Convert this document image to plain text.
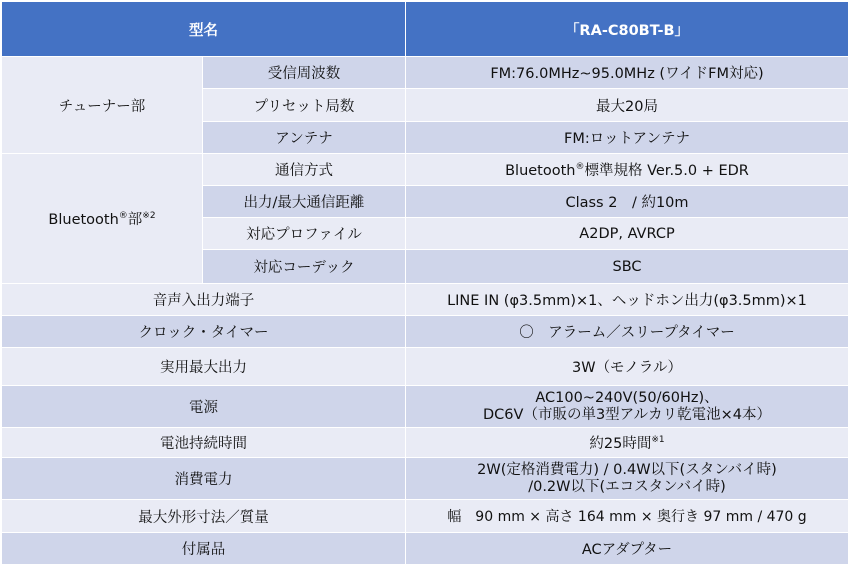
型名		「RA-C80BT-B」
チューナー部	受信周波数	FM:76.0MHz~95.0MHz (ワイドFM対応)
	プリセット局数	最大20局
	アンテナ	FM:ロットアンテナ
Bluetooth®部$^{※2}$	通信方式	Bluetooth®標準規格 Ver.5.0 + EDR
	出力/最大通信距離	Class 2　/ 約10m
	対応プロファイル	A2DP, AVRCP
	対応コーデック	SBC
音声入出力端子		LINE IN (φ3.5mm)×1、ヘッドホン出力(φ3.5mm)×1
クロック・タイマー		〇　アラーム／スリープタイマー
実用最大出力		3W（モノラル）
電源		AC100~240V(50/60Hz)、
DC6V（市販の単3型アルカリ乾電池×4本）

電池持続時間		約25時間$^{※1}$
消費電力		2W(定格消費電力) / 0.4W以下(スタンバイ時)
/0.2W以下(エコスタンバイ時)

最大外形寸法／質量		幅　90 mm × 高さ 164 mm × 奥行き 97 mm / 470 g
付属品		ACアダプター
